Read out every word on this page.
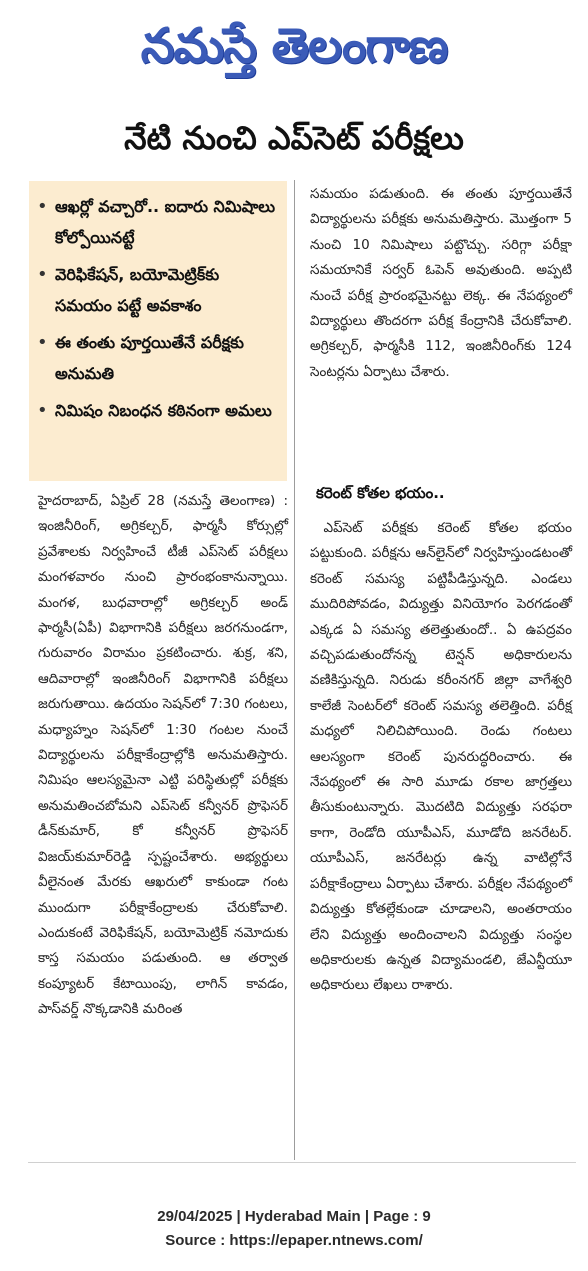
నమస్తే తెలంగాణ
నేటి నుంచి ఎప్‌సెట్ పరీక్షలు
• ఆఖర్లో వచ్చారో.. ఐదారు నిమిషాలు కోల్పోయినట్టే
• వెరిఫికేషన్, బయోమెట్రిక్‌కు సమయం పట్టే అవకాశం
• ఈ తంతు పూర్తయితేనే పరీక్షకు అనుమతి
• నిమిషం నిబంధన కఠినంగా అమలు

హైదరాబాద్, ఏప్రిల్ 28 (నమస్తే తెలంగాణ) : ఇంజినీరింగ్, అగ్రికల్చర్, ఫార్మసీ కోర్సుల్లో ప్రవేశాలకు నిర్వహించే టీజీ ఎప్‌సెట్ పరీక్షలు మంగళవారం నుంచి ప్రారంభంకానున్నాయి. మంగళ, బుధవారాల్లో అగ్రికల్చర్ అండ్ ఫార్మసీ(ఏపీ) విభాగానికి పరీక్షలు జరగనుండగా, గురువారం విరామం ప్రకటించారు. శుక్ర, శని, ఆదివారాల్లో ఇంజినీరింగ్ విభాగానికి పరీక్షలు జరుగుతాయి. ఉదయం సెషన్‌లో 7:30 గంటలు, మధ్యాహ్నం సెషన్‌లో 1:30 గంటల నుంచే విద్యార్థులను పరీక్షాకేంద్రాల్లోకి అనుమతిస్తారు. నిమిషం ఆలస్యమైనా ఎట్టి పరిస్థితుల్లో పరీక్షకు అనుమతించబోమని ఎప్‌సెట్ కన్వీనర్ ప్రొఫెసర్ డీన్‌కుమార్, కో కన్వీనర్ ప్రొఫెసర్ విజయ్‌కుమార్‌రెడ్డి స్పష్టంచేశారు. అభ్యర్థులు వీలైనంత మేరకు ఆఖరులో కాకుండా గంట ముందుగా పరీక్షాకేంద్రాలకు చేరుకోవాలి. ఎందుకంటే వెరిఫికేషన్, బయోమెట్రిక్ నమోదుకు కాస్త సమయం పడుతుంది. ఆ తర్వాత కంప్యూటర్ కేటాయింపు, లాగిన్ కావడం, పాస్‌వర్డ్ నొక్కడానికి మరింత

సమయం పడుతుంది. ఈ తంతు పూర్తయితేనే విద్యార్థులను పరీక్షకు అనుమతిస్తారు. మొత్తంగా 5 నుంచి 10 నిమిషాలు పట్టొచ్చు. సరిగ్గా పరీక్షా సమయానికే సర్వర్ ఓపెన్ అవుతుంది. అప్పటి నుంచే పరీక్ష ప్రారంభమైనట్టు లెక్క. ఈ నేపథ్యంలో విద్యార్థులు తొందరగా పరీక్ష కేంద్రానికి చేరుకోవాలి. అగ్రికల్చర్, ఫార్మసీకి 112, ఇంజినీరింగ్‌కు 124 సెంటర్లను ఏర్పాటు చేశారు.

కరెంట్ కోతల భయం..

ఎప్‌సెట్ పరీక్షకు కరెంట్ కోతల భయం పట్టుకుంది. పరీక్షను ఆన్‌లైన్‌లో నిర్వహిస్తుండటంతో కరెంట్ సమస్య పట్టిపీడిస్తున్నది. ఎండలు ముదిరిపోవడం, విద్యుత్తు వినియోగం పెరగడంతో ఎక్కడ ఏ సమస్య తలెత్తుతుందో.. ఏ ఉపద్రవం వచ్చిపడుతుందోనన్న టెన్షన్ అధికారులను వణికిస్తున్నది. నిరుడు కరీంనగర్ జిల్లా వాగేశ్వరి కాలేజీ సెంటర్‌లో కరెంట్ సమస్య తలెత్తింది. పరీక్ష మధ్యలో నిలిచిపోయింది. రెండు గంటలు ఆలస్యంగా కరెంట్ పునరుద్ధరించారు. ఈ నేపథ్యంలో ఈ సారి మూడు రకాల జాగ్రత్తలు తీసుకుంటున్నారు. మొదటిది విద్యుత్తు సరఫరా కాగా, రెండోది యూపీఎస్, మూడోది జనరేటర్. యూపీఎస్, జనరేటర్లు ఉన్న వాటిల్లోనే పరీక్షాకేంద్రాలు ఏర్పాటు చేశారు. పరీక్షల నేపథ్యంలో విద్యుత్తు కోతల్లేకుండా చూడాలని, అంతరాయం లేని విద్యుత్తు అందించాలని విద్యుత్తు సంస్థల అధికారులకు ఉన్నత విద్యామండలి, జేఎన్టీయూ అధికారులు లేఖలు రాశారు.

29/04/2025 | Hyderabad Main | Page : 9
Source : https://epaper.ntnews.com/
